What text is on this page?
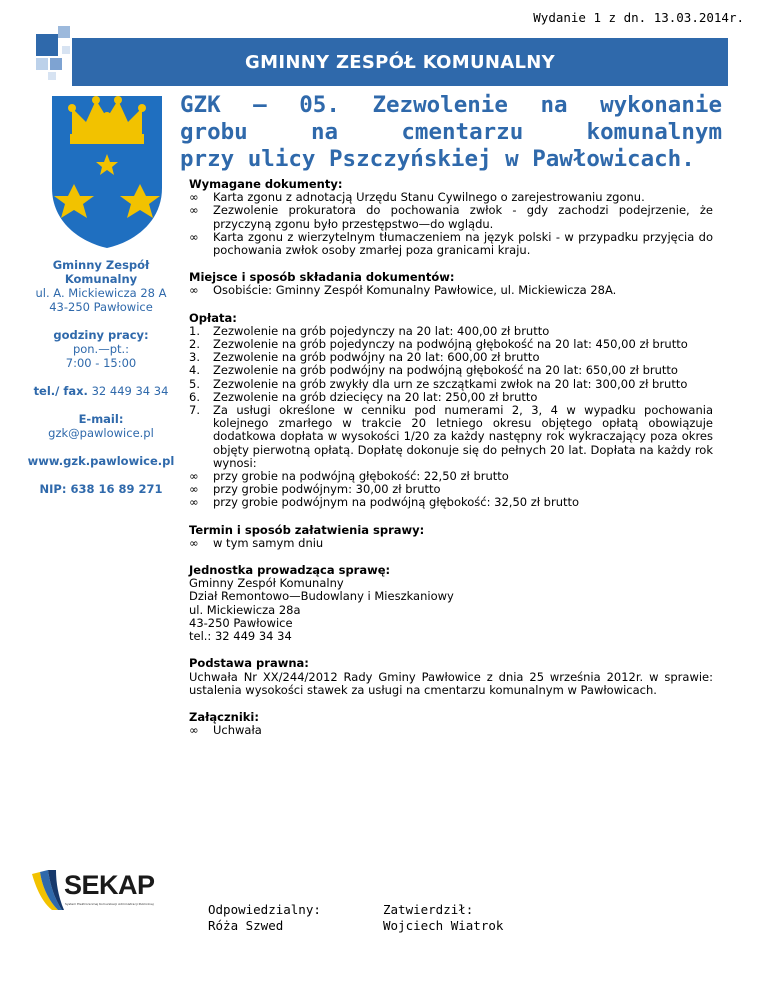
Wydanie 1 z dn. 13.03.2014r.
GMINNY ZESPÓŁ KOMUNALNY
Gminny Zespół
Komunalny
ul. A. Mickiewicza 28 A
43-250 Pawłowice
godziny pracy:
pon.—pt.:
7:00 - 15:00
tel./ fax. 32 449 34 34
E-mail:
gzk@pawlowice.pl
www.gzk.pawlowice.pl
NIP: 638 16 89 271
GZK – 05. Zezwolenie na wykonanie
grobu na cmentarzu komunalnym
przy ulicy Pszczyńskiej w Pawłowicach.
Wymagane dokumenty:
∞	Karta zgonu z adnotacją Urzędu Stanu Cywilnego o zarejestrowaniu zgonu.
∞	Zezwolenie prokuratora do pochowania zwłok - gdy zachodzi podejrzenie, że przyczyną zgonu było przestępstwo—do wglądu.
∞	Karta zgonu z wierzytelnym tłumaczeniem na język polski - w przypadku przyjęcia do pochowania zwłok osoby zmarłej poza granicami kraju.
Miejsce i sposób składania dokumentów:
∞	Osobiście: Gminny Zespół Komunalny Pawłowice, ul. Mickiewicza 28A.
Opłata:
1.	Zezwolenie na grób pojedynczy na 20 lat: 400,00 zł brutto
2.	Zezwolenie na grób pojedynczy na podwójną głębokość na 20 lat: 450,00 zł brutto
3.	Zezwolenie na grób podwójny na 20 lat: 600,00 zł brutto
4.	Zezwolenie na grób podwójny na podwójną głębokość na 20 lat: 650,00 zł brutto
5.	Zezwolenie na grób zwykły dla urn ze szczątkami zwłok na 20 lat: 300,00 zł brutto
6.	Zezwolenie na grób dziecięcy na 20 lat: 250,00 zł brutto
7.	Za usługi określone w cenniku pod numerami 2, 3, 4 w wypadku pochowania kolejnego zmarłego w trakcie 20 letniego okresu objętego opłatą obowiązuje dodatkowa dopłata w wysokości 1/20 za każdy następny rok wykraczający poza okres objęty pierwotną opłatą. Dopłatę dokonuje się do pełnych 20 lat. Dopłata na każdy rok wynosi:
∞	przy grobie na podwójną głębokość: 22,50 zł brutto
∞	przy grobie podwójnym: 30,00 zł brutto
∞	przy grobie podwójnym na podwójną głębokość: 32,50 zł brutto
Termin i sposób załatwienia sprawy:
∞	w tym samym dniu
Jednostka prowadząca sprawę:
Gminny Zespół Komunalny
Dział Remontowo—Budowlany i Mieszkaniowy
ul. Mickiewicza 28a
43-250 Pawłowice
tel.: 32 449 34 34
Podstawa prawna:
Uchwała Nr XX/244/2012 Rady Gminy Pawłowice z dnia 25 września 2012r. w sprawie: ustalenia wysokości stawek za usługi na cmentarzu komunalnym w Pawłowicach.
Załączniki:
∞	Uchwała
SEKAP
System Elektronicznej Komunikacji Administracji Publicznej	Odpowiedzialny:
Róża Szwed
Zatwierdził:
Wojciech Wiatrok
